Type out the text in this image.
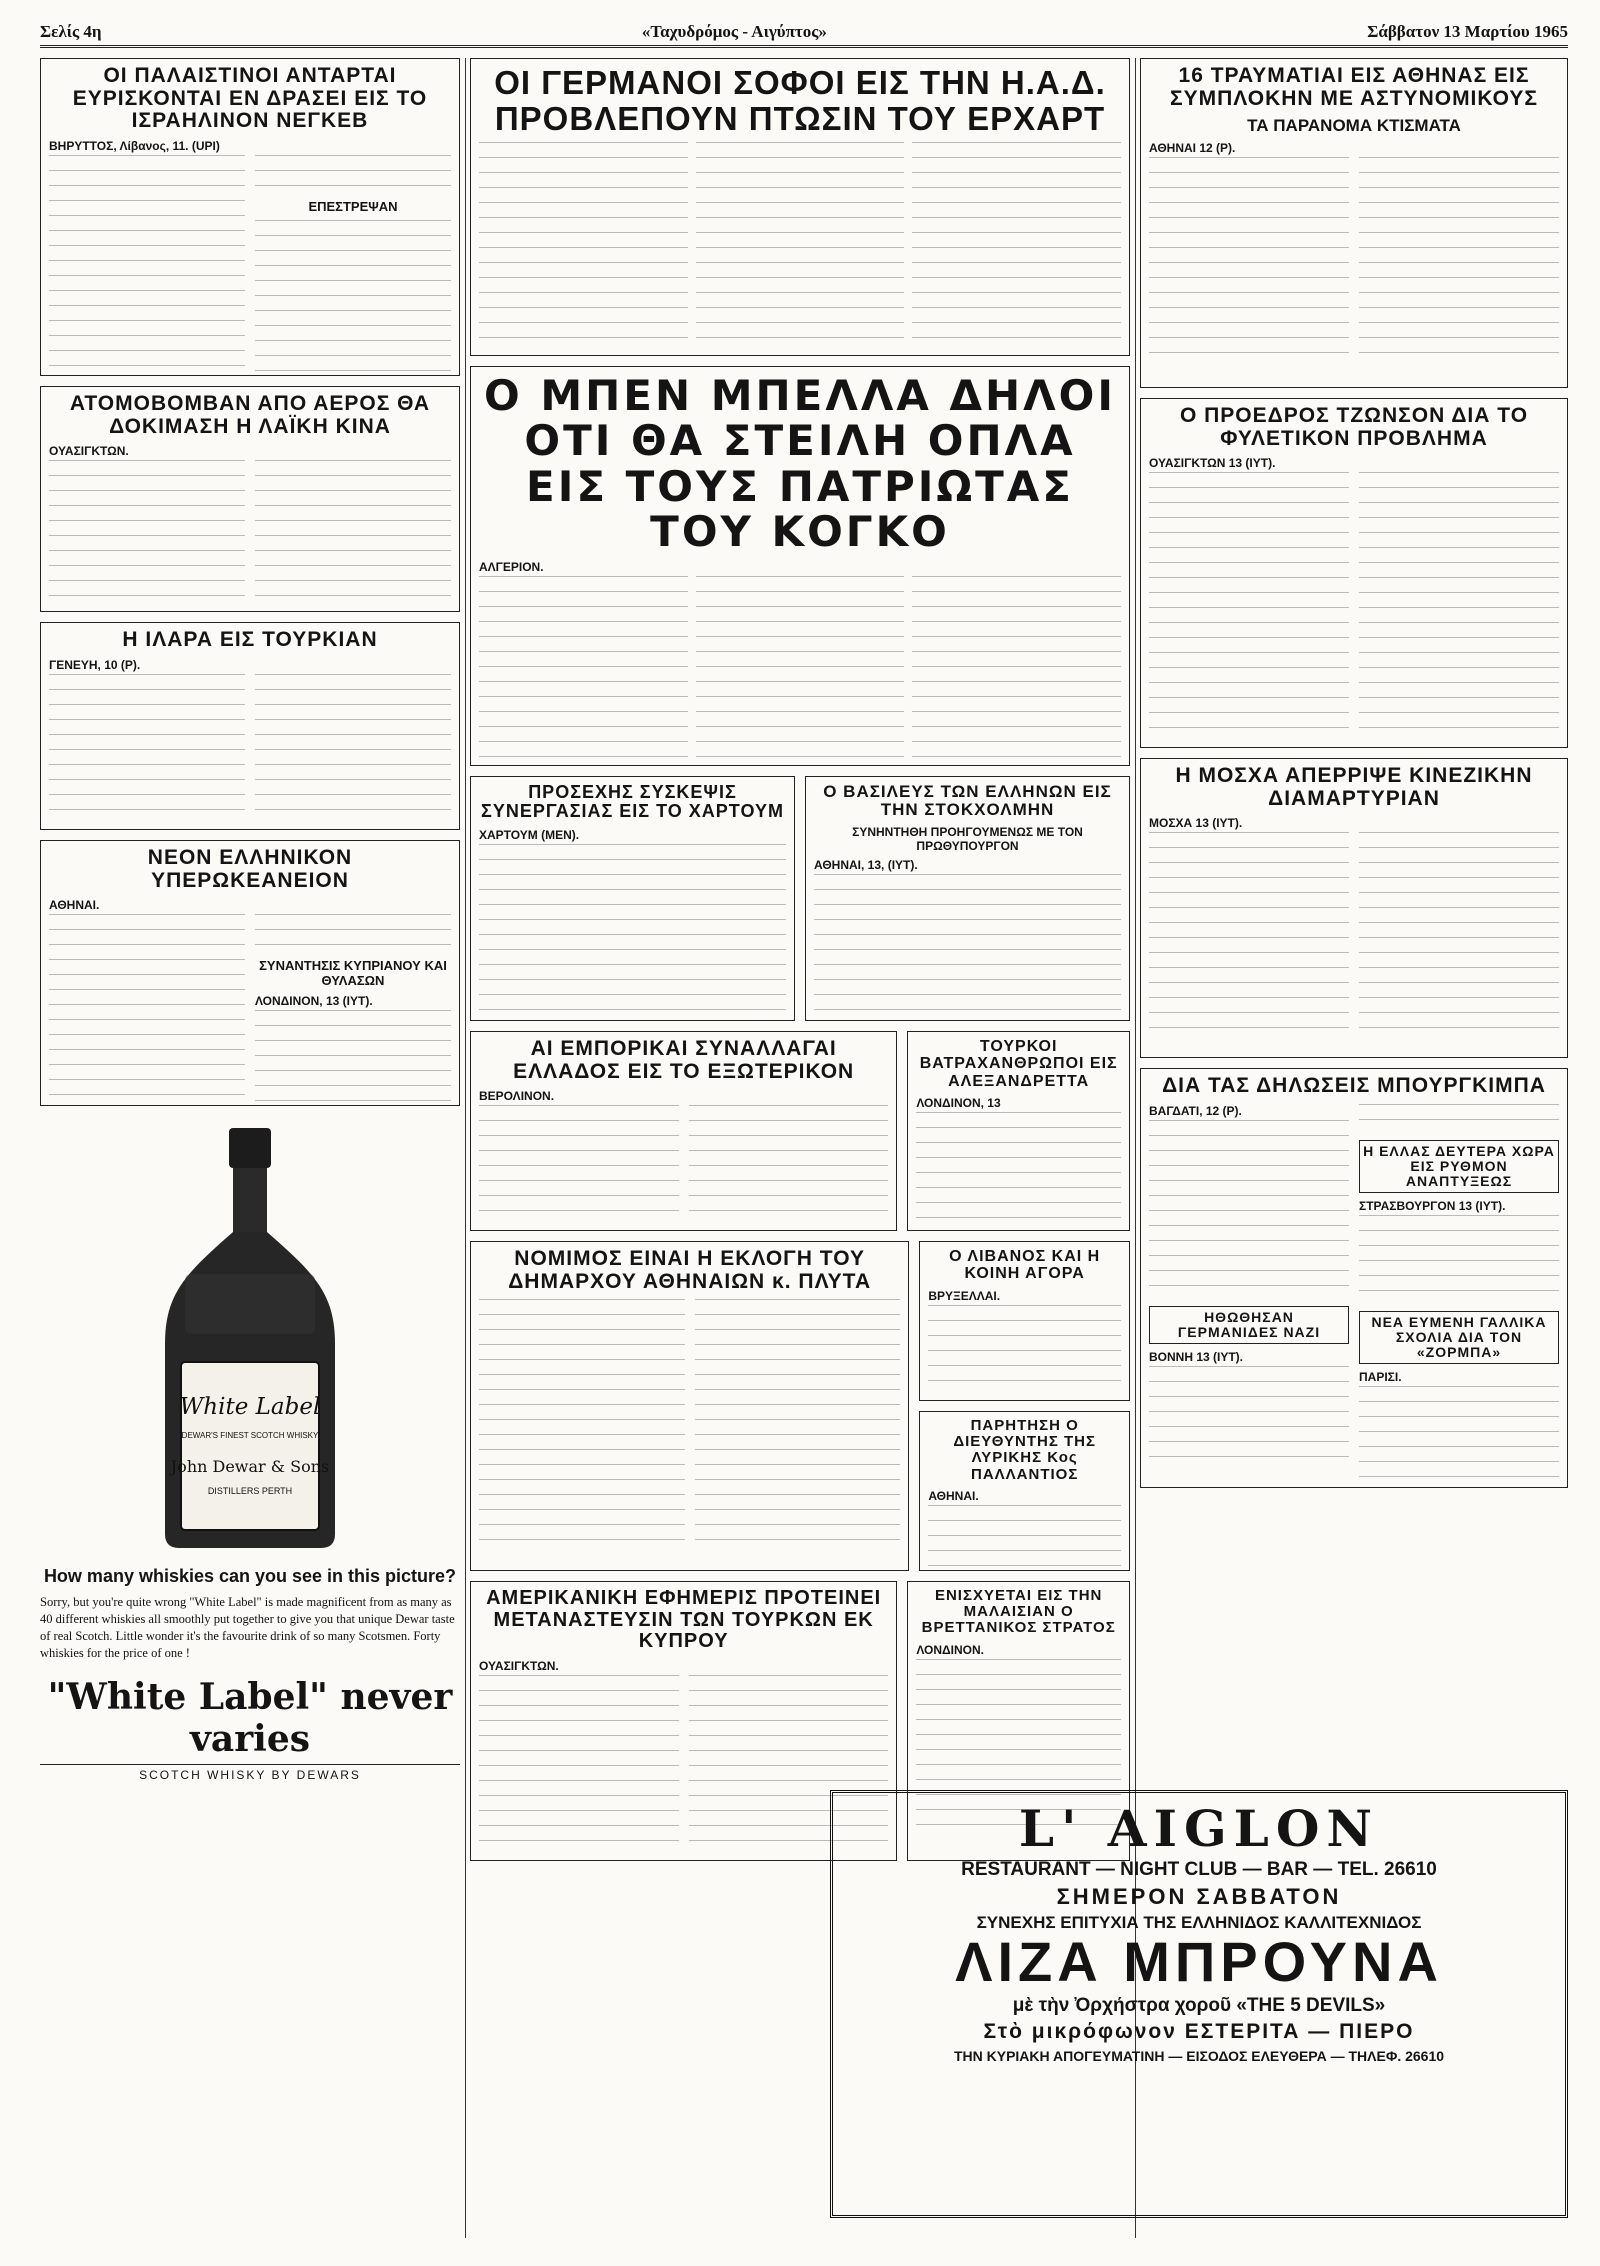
Σελίς 4η	«Ταχυδρόμος - Αιγύπτος»	Σάββατον 13 Μαρτίου 1965
ΟΙ ΠΑΛΑΙΣΤΙΝΟΙ ΑΝΤΑΡΤΑΙ ΕΥΡΙΣΚΟΝΤΑΙ ΕΝ ΔΡΑΣΕΙ ΕΙΣ ΤΟ ΙΣΡΑΗΛΙΝΟΝ ΝΕΓΚΕΒ
ΒΗΡΥΤΤΟΣ, Λίβανος, 11. (UPI)
ΕΠΕΣΤΡΕΨΑΝ
ΑΤΟΜΟΒΟΜΒΑΝ ΑΠΟ ΑΕΡΟΣ ΘΑ ΔΟΚΙΜΑΣΗ Η ΛΑΪΚΗ ΚΙΝΑ
ΟΥΑΣΙΓΚΤΩΝ.
Η ΙΛΑΡΑ ΕΙΣ ΤΟΥΡΚΙΑΝ
ΓΕΝΕΥΗ, 10 (Ρ).
ΝΕΟΝ ΕΛΛΗΝΙΚΟΝ ΥΠΕΡΩΚΕΑΝΕΙΟΝ
ΑΘΗΝΑΙ.
ΣΥΝΑΝΤΗΣΙΣ ΚΥΠΡΙΑΝΟΥ ΚΑΙ ΘΥΛΑΣΩΝ
ΛΟΝΔΙΝΟΝ, 13 (ΙΥΤ).
White Label
DEWAR'S FINEST SCOTCH WHISKY
John Dewar & Sons
DISTILLERS PERTH
How many whiskies can you see in this picture?
Sorry, but you're quite wrong "White Label" is made magnificent from as many as 40 different whiskies all smoothly put together to give you that unique Dewar taste of real Scotch. Little wonder it's the favourite drink of so many Scotsmen. Forty whiskies for the price of one !
"White Label" never varies
SCOTCH WHISKY BY DEWARS
ΟΙ ΓΕΡΜΑΝΟΙ ΣΟΦΟΙ ΕΙΣ ΤΗΝ Η.Α.Δ. ΠΡΟΒΛΕΠΟΥΝ ΠΤΩΣΙΝ ΤΟΥ ΕΡΧΑΡΤ
Ο ΜΠΕΝ ΜΠΕΛΛΑ ΔΗΛΟΙ ΟΤΙ ΘΑ ΣΤΕΙΛΗ ΟΠΛΑ ΕΙΣ ΤΟΥΣ ΠΑΤΡΙΩΤΑΣ ΤΟΥ ΚΟΓΚΟ
ΑΛΓΕΡΙΟΝ.
ΠΡΟΣΕΧΗΣ ΣΥΣΚΕΨΙΣ ΣΥΝΕΡΓΑΣΙΑΣ ΕΙΣ ΤΟ ΧΑΡΤΟΥΜ
ΧΑΡΤΟΥΜ (ΜΕΝ).
Ο ΒΑΣΙΛΕΥΣ ΤΩΝ ΕΛΛΗΝΩΝ ΕΙΣ ΤΗΝ ΣΤΟΚΧΟΛΜΗΝ
ΣΥΝΗΝΤΗΘΗ ΠΡΟΗΓΟΥΜΕΝΩΣ ΜΕ ΤΟΝ ΠΡΩΘΥΠΟΥΡΓΟΝ
ΑΘΗΝΑΙ, 13, (ΙΥΤ).
ΑΙ ΕΜΠΟΡΙΚΑΙ ΣΥΝΑΛΛΑΓΑΙ ΕΛΛΑΔΟΣ ΕΙΣ ΤΟ ΕΞΩΤΕΡΙΚΟΝ
ΒΕΡΟΛΙΝΟΝ.
ΤΟΥΡΚΟΙ ΒΑΤΡΑΧΑΝΘΡΩΠΟΙ ΕΙΣ ΑΛΕΞΑΝΔΡΕΤΤΑ
ΛΟΝΔΙΝΟΝ, 13
ΝΟΜΙΜΟΣ ΕΙΝΑΙ Η ΕΚΛΟΓΗ ΤΟΥ ΔΗΜΑΡΧΟΥ ΑΘΗΝΑΙΩΝ κ. ΠΛΥΤΑ
Ο ΛΙΒΑΝΟΣ ΚΑΙ Η ΚΟΙΝΗ ΑΓΟΡΑ
ΒΡΥΞΕΛΛΑΙ.
ΠΑΡΗΤΗΣΗ Ο ΔΙΕΥΘΥΝΤΗΣ ΤΗΣ ΛΥΡΙΚΗΣ Κος ΠΑΛΛΑΝΤΙΟΣ
ΑΘΗΝΑΙ.
ΑΜΕΡΙΚΑΝΙΚΗ ΕΦΗΜΕΡΙΣ ΠΡΟΤΕΙΝΕΙ ΜΕΤΑΝΑΣΤΕΥΣΙΝ ΤΩΝ ΤΟΥΡΚΩΝ ΕΚ ΚΥΠΡΟΥ
ΟΥΑΣΙΓΚΤΩΝ.
ΕΝΙΣΧΥΕΤΑΙ ΕΙΣ ΤΗΝ ΜΑΛΑΙΣΙΑΝ Ο ΒΡΕΤΤΑΝΙΚΟΣ ΣΤΡΑΤΟΣ
ΛΟΝΔΙΝΟΝ.
16 ΤΡΑΥΜΑΤΙΑΙ ΕΙΣ ΑΘΗΝΑΣ ΕΙΣ ΣΥΜΠΛΟΚΗΝ ΜΕ ΑΣΤΥΝΟΜΙΚΟΥΣ
ΤΑ ΠΑΡΑΝΟΜΑ ΚΤΙΣΜΑΤΑ
ΑΘΗΝΑΙ 12 (Ρ).
Ο ΠΡΟΕΔΡΟΣ ΤΖΩΝΣΟΝ ΔΙΑ ΤΟ ΦΥΛΕΤΙΚΟΝ ΠΡΟΒΛΗΜΑ
ΟΥΑΣΙΓΚΤΩΝ 13 (ΙΥΤ).
Η ΜΟΣΧΑ ΑΠΕΡΡΙΨΕ ΚΙΝΕΖΙΚΗΝ ΔΙΑΜΑΡΤΥΡΙΑΝ
ΜΟΣΧΑ 13 (ΙΥΤ).
ΔΙΑ ΤΑΣ ΔΗΛΩΣΕΙΣ ΜΠΟΥΡΓΚΙΜΠΑ
ΒΑΓΔΑΤΙ, 12 (Ρ).
ΗΘΩΘΗΣΑΝ ΓΕΡΜΑΝΙΔΕΣ ΝΑΖΙ
ΒΟΝΝΗ 13 (ΙΥΤ).
Η ΕΛΛΑΣ ΔΕΥΤΕΡΑ ΧΩΡΑ ΕΙΣ ΡΥΘΜΟΝ ΑΝΑΠΤΥΞΕΩΣ
ΣΤΡΑΣΒΟΥΡΓΟΝ 13 (ΙΥΤ).
ΝΕΑ ΕΥΜΕΝΗ ΓΑΛΛΙΚΑ ΣΧΟΛΙΑ ΔΙΑ ΤΟΝ «ΖΟΡΜΠΑ»
ΠΑΡΙΣΙ.
L' AIGLON
RESTAURANT — NIGHT CLUB — BAR — TEL. 26610
ΣΗΜΕΡΟΝ ΣΑΒΒΑΤΟΝ
ΣΥΝΕΧΗΣ ΕΠΙΤΥΧΙΑ ΤΗΣ ΕΛΛΗΝΙΔΟΣ ΚΑΛΛΙΤΕΧΝΙΔΟΣ
ΛΙΖΑ ΜΠΡΟΥΝΑ
μὲ τὴν Ὀρχήστρα χοροῦ «THE 5 DEVILS»
Στὸ μικρόφωνον ΕΣΤΕΡΙΤΑ — ΠΙΕΡΟ
ΤΗΝ ΚΥΡΙΑΚΗ ΑΠΟΓΕΥΜΑΤΙΝΗ — ΕΙΣΟΔΟΣ ΕΛΕΥΘΕΡΑ — ΤΗΛΕΦ. 26610
